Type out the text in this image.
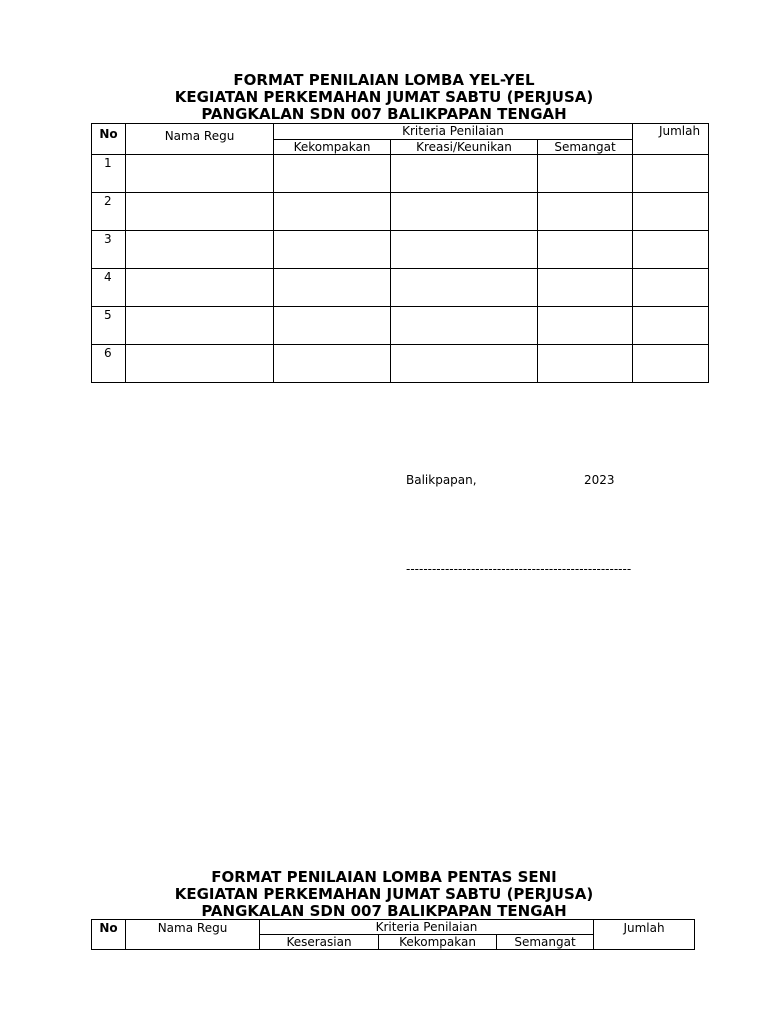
FORMAT PENILAIAN LOMBA YEL-YEL
KEGIATAN PERKEMAHAN JUMAT SABTU (PERJUSA)
PANGKALAN SDN 007 BALIKPAPAN TENGAH
No	Nama Regu	Kriteria Penilaian			Jumlah
		Kekompakan	Kreasi/Keunikan	Semangat	
1					
2					
3					
4					
5					
6					
Balikpapan,	2023
----------------------------------------------------
FORMAT PENILAIAN LOMBA PENTAS SENI
KEGIATAN PERKEMAHAN JUMAT SABTU (PERJUSA)
PANGKALAN SDN 007 BALIKPAPAN TENGAH
No	Nama Regu	Kriteria Penilaian			Jumlah
		Keserasian	Kekompakan	Semangat	
